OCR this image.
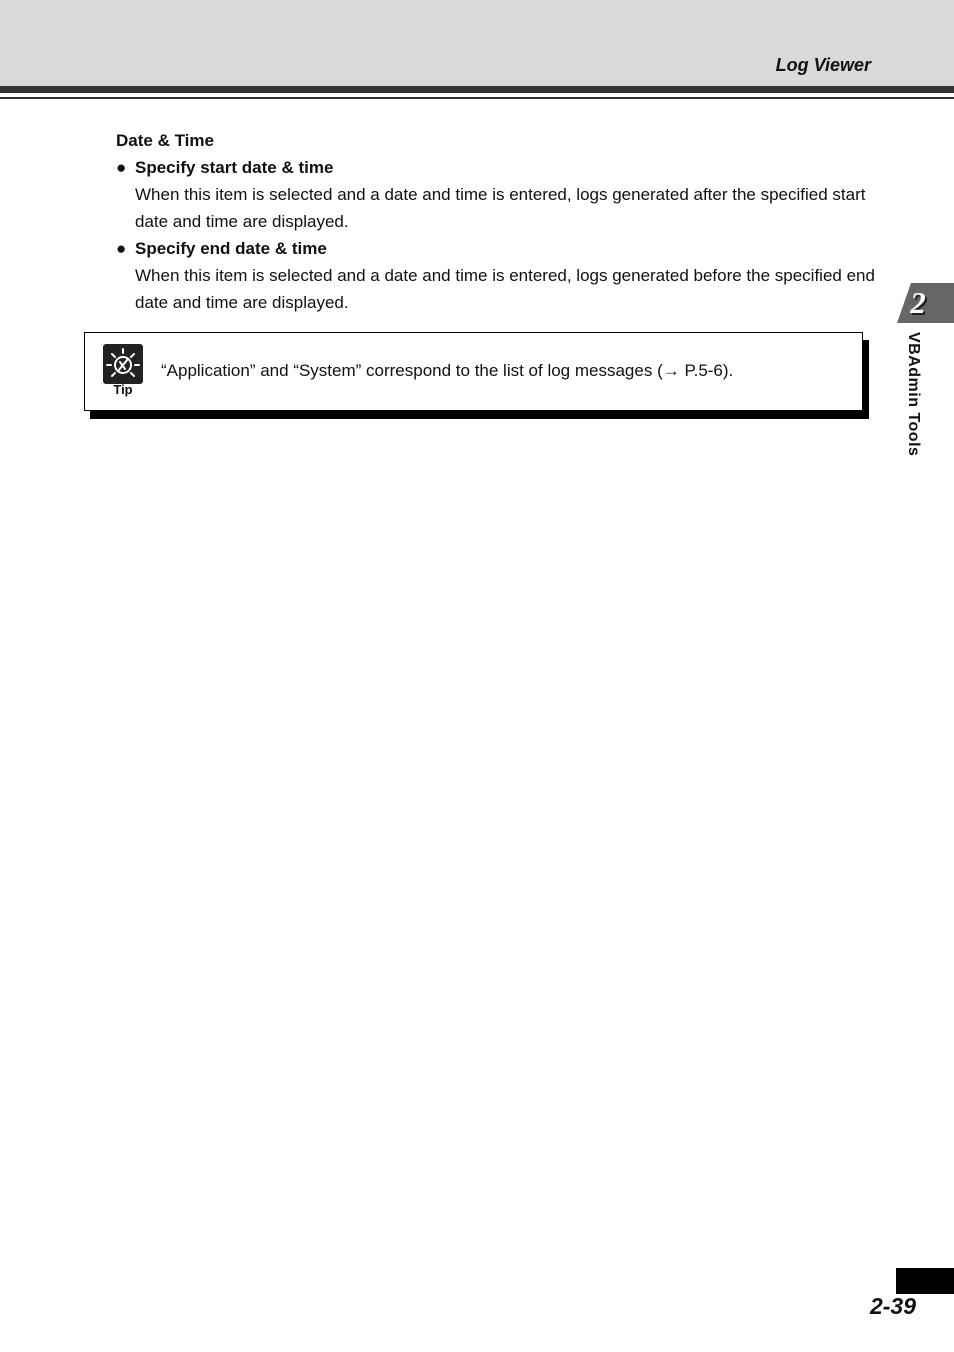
Log Viewer

Date & Time

● Specify start date & time

When this item is selected and a date and time is entered, logs generated after the specified start date and time are displayed.

● Specify end date & time

When this item is selected and a date and time is entered, logs generated before the specified end date and time are displayed.

Tip
“Application” and “System” correspond to the list of log messages (→ P.5-6).
2
VBAdmin Tools
2-39
